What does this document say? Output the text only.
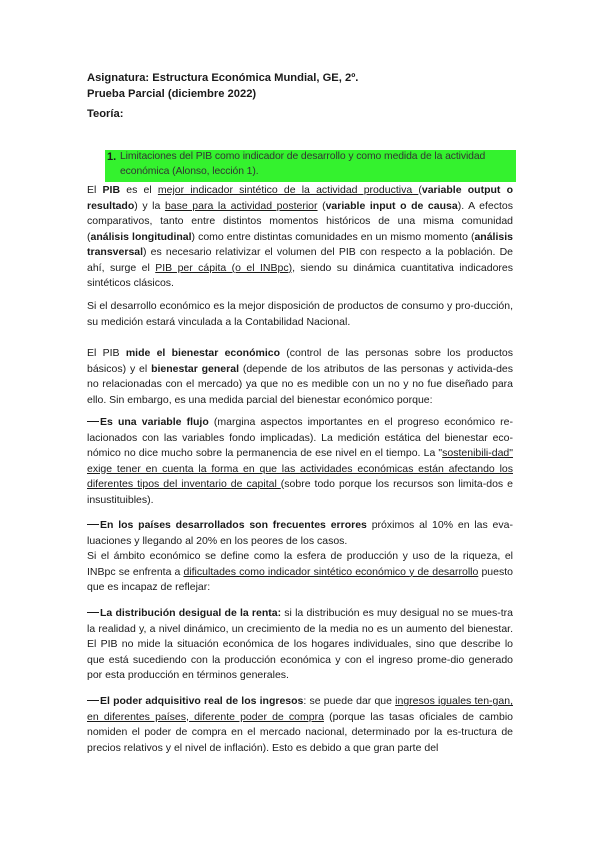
Asignatura: Estructura Económica Mundial, GE, 2º.
Prueba Parcial (diciembre 2022)
Teoría:
1. Limitaciones del PIB como indicador de desarrollo y como medida de la actividad
económica (Alonso, lección 1).
El PIB es el mejor indicador sintético de la actividad productiva (variable output o resultado) y la base para la actividad posterior (variable input o de causa). A efectos comparativos, tanto entre distintos momentos históricos de una misma comunidad (análisis longitudinal) como entre distintas comunidades en un mismo momento (análisis transversal) es necesario relativizar el volumen del PIB con respecto a la población. De ahí, surge el PIB per cápita (o el INBpc), siendo su dinámica cuantitativa indicadores sintéticos clásicos.
Si el desarrollo económico es la mejor disposición de productos de consumo y pro-ducción, su medición estará vinculada a la Contabilidad Nacional.
El PIB mide el bienestar económico (control de las personas sobre los productos básicos) y el bienestar general (depende de los atributos de las personas y activida-des no relacionadas con el mercado) ya que no es medible con un no y no fue diseñado para ello. Sin embargo, es una medida parcial del bienestar económico porque:
Es una variable flujo (margina aspectos importantes en el progreso económico re-lacionados con las variables fondo implicadas). La medición estática del bienestar eco-nómico no dice mucho sobre la permanencia de ese nivel en el tiempo. La "sostenibili-dad" exige tener en cuenta la forma en que las actividades económicas están afectando los diferentes tipos del inventario de capital (sobre todo porque los recursos son limita-dos e insustituibles).
En los países desarrollados son frecuentes errores próximos al 10% en las eva-luaciones y llegando al 20% en los peores de los casos.
Si el ámbito económico se define como la esfera de producción y uso de la riqueza, el INBpc se enfrenta a dificultades como indicador sintético económico y de desarrollo puesto que es incapaz de reflejar:
La distribución desigual de la renta: si la distribución es muy desigual no se mues-tra la realidad y, a nivel dinámico, un crecimiento de la media no es un aumento del bienestar. El PIB no mide la situación económica de los hogares individuales, sino que describe lo que está sucediendo con la producción económica y con el ingreso prome-dio generado por esta producción en términos generales.
El poder adquisitivo real de los ingresos: se puede dar que ingresos iguales ten-gan, en diferentes países, diferente poder de compra (porque las tasas oficiales de cambio nomiden el poder de compra en el mercado nacional, determinado por la es-tructura de precios relativos y el nivel de inflación). Esto es debido a que gran parte del
